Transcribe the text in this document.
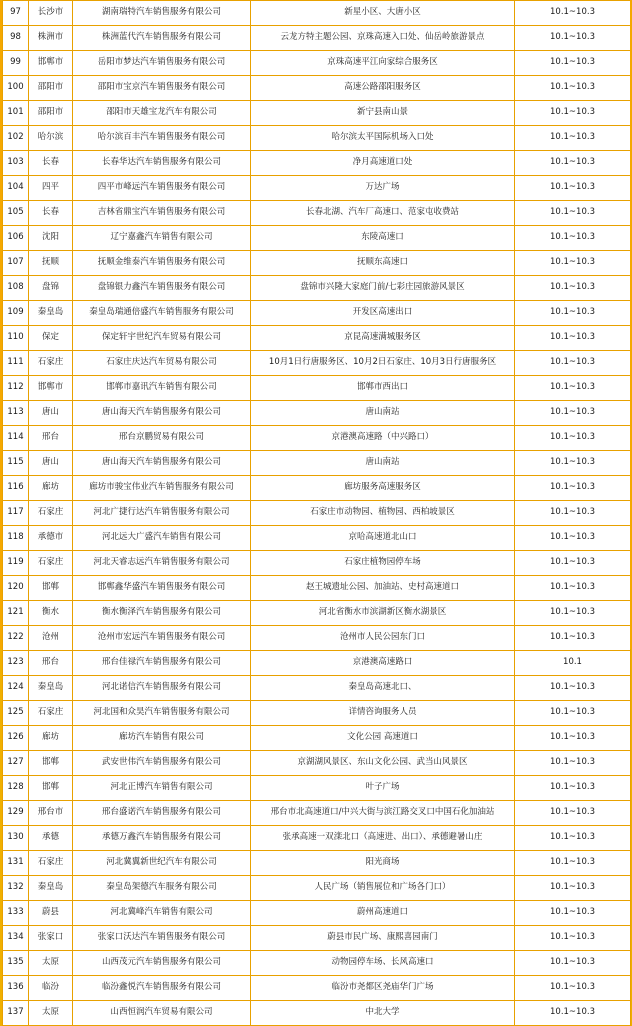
97	长沙市	湖南瑞特汽车销售服务有限公司	新星小区、大唐小区	10.1~10.3
98	株洲市	株洲蓝代汽车销售服务有限公司	云龙方特主题公园、京珠高速入口处、仙岳岭旅游景点	10.1~10.3
99	邯郸市	岳阳市梦达汽车销售服务有限公司	京珠高速平江向家综合服务区	10.1~10.3
100	邵阳市	邵阳市宝京汽车销售服务有限公司	高速公路邵阳服务区	10.1~10.3
101	邵阳市	邵阳市天雄宝龙汽车有限公司	新宁县南山景	10.1~10.3
102	哈尔滨	哈尔滨百丰汽车销售服务有限公司	哈尔滨太平国际机场入口处	10.1~10.3
103	长春	长春华达汽车销售服务有限公司	净月高速道口处	10.1~10.3
104	四平	四平市峰远汽车销售服务有限公司	万达广场	10.1~10.3
105	长春	吉林省鼎宝汽车销售服务有限公司	长春北湖、汽车厂高速口、范家屯收费站	10.1~10.3
106	沈阳	辽宁嘉鑫汽车销售有限公司	东陵高速口	10.1~10.3
107	抚顺	抚顺金维泰汽车销售服务有限公司	抚顺东高速口	10.1~10.3
108	盘锦	盘锦银力鑫汽车销售服务有限公司	盘锦市兴隆大家庭门前/七彩庄园旅游风景区	10.1~10.3
109	秦皇岛	秦皇岛瑞通倍盛汽车销售服务有限公司	开发区高速出口	10.1~10.3
110	保定	保定轩宇世纪汽车贸易有限公司	京昆高速满城服务区	10.1~10.3
111	石家庄	石家庄庆达汽车贸易有限公司	10月1日行唐服务区、10月2日石家庄、10月3日行唐服务区	10.1~10.3
112	邯郸市	邯郸市嘉讯汽车销售有限公司	邯郸市西出口	10.1~10.3
113	唐山	唐山海天汽车销售服务有限公司	唐山南站	10.1~10.3
114	邢台	邢台京鹏贸易有限公司	京港澳高速路（中兴路口）	10.1~10.3
115	唐山	唐山海天汽车销售服务有限公司	唐山南站	10.1~10.3
116	廊坊	廊坊市骏宝伟业汽车销售服务有限公司	廊坊服务高速服务区	10.1~10.3
117	石家庄	河北广捷行达汽车销售服务有限公司	石家庄市动物园、植物园、西柏坡景区	10.1~10.3
118	承德市	河北远大广盛汽车销售有限公司	京哈高速道北山口	10.1~10.3
119	石家庄	河北天睿志远汽车销售服务有限公司	石家庄植物园停车场	10.1~10.3
120	邯郸	邯郸鑫华盛汽车销售服务有限公司	赵王城遗址公园、加油站、史村高速道口	10.1~10.3
121	衡水	衡水衡泽汽车销售服务有限公司	河北省衡水市滨湖新区衡水湖景区	10.1~10.3
122	沧州	沧州市宏远汽车销售服务有限公司	沧州市人民公园东门口	10.1~10.3
123	邢台	邢台佳禄汽车销售服务有限公司	京港澳高速路口	10.1
124	秦皇岛	河北诺信汽车销售服务有限公司	秦皇岛高速北口、	10.1~10.3
125	石家庄	河北国和众昊汽车销售服务有限公司	详情咨询服务人员	10.1~10.3
126	廊坊	廊坊汽车销售有限公司	文化公园 高速道口	10.1~10.3
127	邯郸	武安世伟汽车销售服务有限公司	京湖湖风景区、东山文化公园、武当山风景区	10.1~10.3
128	邯郸	河北正博汽车销售有限公司	叶子广场	10.1~10.3
129	邢台市	邢台盛诺汽车销售服务有限公司	邢台市北高速道口/中兴大街与滨江路交叉口中国石化加油站	10.1~10.3
130	承德	承德万鑫汽车销售服务有限公司	张承高速一双滦北口（高速进、出口）、承德避暑山庄	10.1~10.3
131	石家庄	河北冀翼新世纪汽车有限公司	阳光商场	10.1~10.3
132	秦皇岛	秦皇岛架德汽车服务有限公司	人民广场（销售展位和广场各门口）	10.1~10.3
133	蔚县	河北冀峰汽车销售有限公司	蔚州高速道口	10.1~10.3
134	张家口	张家口沃达汽车销售服务有限公司	蔚县市民广场、康熙喜园南门	10.1~10.3
135	太原	山西茂元汽车销售服务有限公司	动物园停车场、长风高速口	10.1~10.3
136	临汾	临汾鑫悦汽车销售服务有限公司	临汾市尧都区尧庙华门广场	10.1~10.3
137	太原	山西恒润汽车贸易有限公司	中北大学	10.1~10.3
